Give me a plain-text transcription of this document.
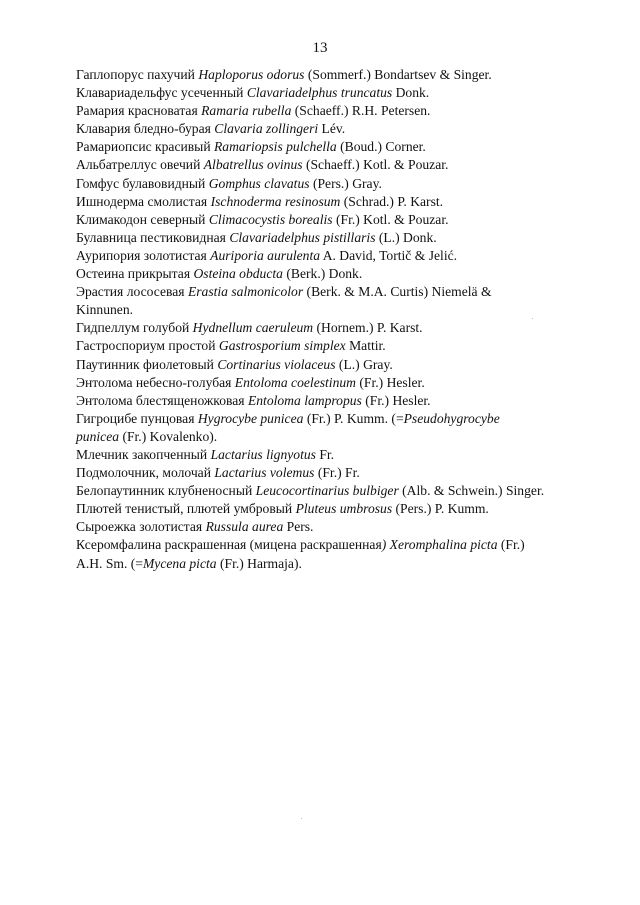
13
Гаплопорус пахучий Haploporus odorus (Sommerf.) Bondartsev & Singer.
Клавариадельфус усеченный Clavariadelphus truncatus Donk.
Рамария красноватая Ramaria rubella (Schaeff.) R.H. Petersen.
Клавария бледно-бурая Clavaria zollingeri Lév.
Рамариопсис красивый Ramariopsis pulchella (Boud.) Corner.
Альбатреллус овечий Albatrellus ovinus (Schaeff.) Kotl. & Pouzar.
Гомфус булавовидный Gomphus clavatus (Pers.) Gray.
Ишнодерма смолистая Ischnoderma resinosum (Schrad.) P. Karst.
Климакодон северный Climacocystis borealis (Fr.) Kotl. & Pouzar.
Булавница пестиковидная Clavariadelphus pistillaris (L.) Donk.
Аурипория золотистая Auriporia aurulenta A. David, Tortič & Jelić.
Остеина прикрытая Osteina obducta (Berk.) Donk.
Эрастия лососевая Erastia salmonicolor (Berk. & M.A. Curtis) Niemelä &
Kinnunen.
Гидпеллум голубой Hydnellum caeruleum (Hornem.) P. Karst.
Гастроспориум простой Gastrosporium simplex Mattir.
Паутинник фиолетовый Cortinarius violaceus (L.) Gray.
Энтолома небесно-голубая Entoloma coelestinum (Fr.) Hesler.
Энтолома блестященожковая Entoloma lampropus (Fr.) Hesler.
Гигроцибе пунцовая Hygrocybe punicea (Fr.) P. Kumm. (=Pseudohygrocybe
punicea (Fr.) Kovalenko).
Млечник закопченный Lactarius lignyotus Fr.
Подмолочник, молочай Lactarius volemus (Fr.) Fr.
Белопаутинник клубненосный Leucocortinarius bulbiger (Alb. & Schwein.) Singer.
Плютей тенистый, плютей умбровый Pluteus umbrosus (Pers.) P. Kumm.
Сыроежка золотистая Russula aurea Pers.
Ксеромфалина раскрашенная (мицена раскрашенная) Xeromphalina picta (Fr.)
A.H. Sm. (=Mycena picta (Fr.) Harmaja).
